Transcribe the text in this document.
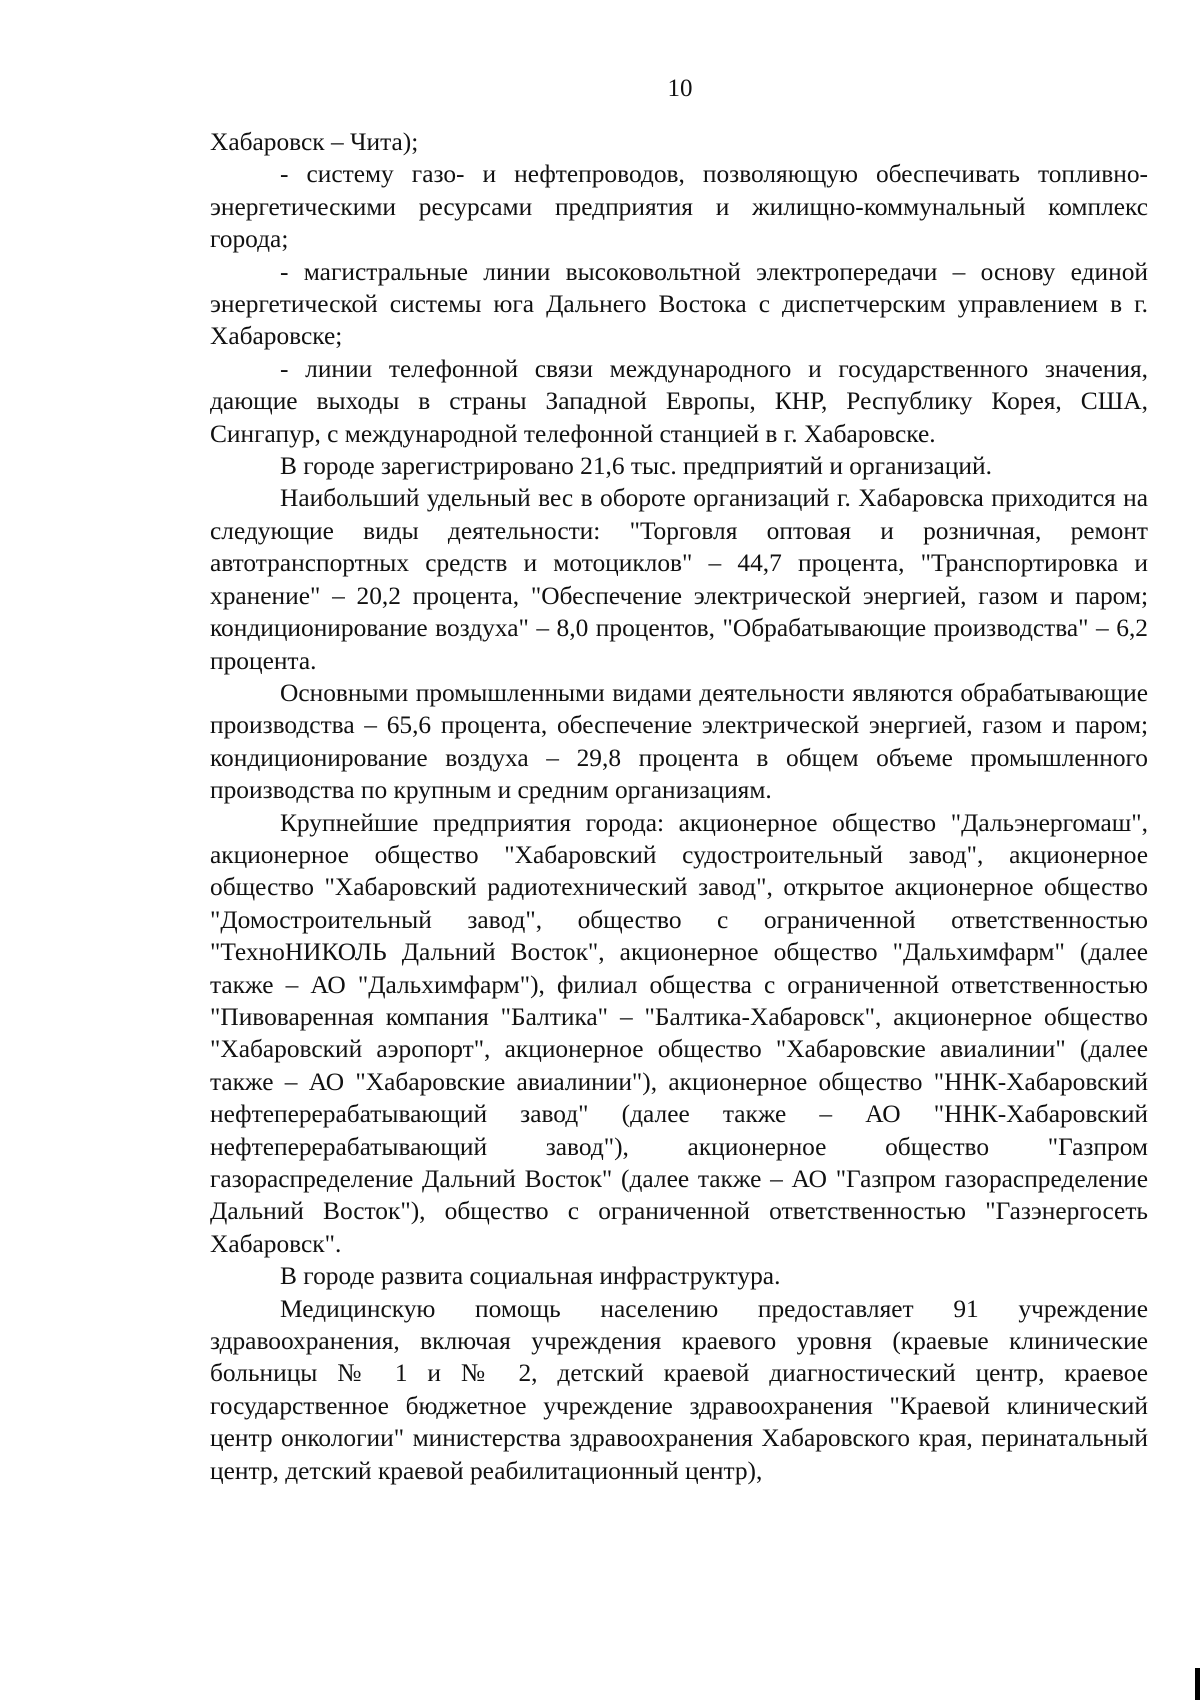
10

Хабаровск – Чита);

- систему газо- и нефтепроводов, позволяющую обеспечивать топливно-энергетическими ресурсами предприятия и жилищно-коммунальный комплекс города;

- магистральные линии высоковольтной электропередачи – основу единой энергетической системы юга Дальнего Востока с диспетчерским управлением в г. Хабаровске;

- линии телефонной связи международного и государственного значения, дающие выходы в страны Западной Европы, КНР, Республику Корея, США, Сингапур, с международной телефонной станцией в г. Хабаровске.

В городе зарегистрировано 21,6 тыс. предприятий и организаций.

Наибольший удельный вес в обороте организаций г. Хабаровска приходится на следующие виды деятельности: "Торговля оптовая и розничная, ремонт автотранспортных средств и мотоциклов" – 44,7 процента, "Транспортировка и хранение" – 20,2 процента, "Обеспечение электрической энергией, газом и паром; кондиционирование воздуха" – 8,0 процентов, "Обрабатывающие производства" – 6,2 процента.

Основными промышленными видами деятельности являются обрабатывающие производства – 65,6 процента, обеспечение электрической энергией, газом и паром; кондиционирование воздуха – 29,8 процента в общем объеме промышленного производства по крупным и средним организациям.

Крупнейшие предприятия города: акционерное общество "Дальэнергомаш", акционерное общество "Хабаровский судостроительный завод", акционерное общество "Хабаровский радиотехнический завод", открытое акционерное общество "Домостроительный завод", общество с ограниченной ответственностью "ТехноНИКОЛЬ Дальний Восток", акционерное общество "Дальхимфарм" (далее также – АО "Дальхимфарм"), филиал общества с ограниченной ответственностью "Пивоваренная компания "Балтика" – "Балтика-Хабаровск", акционерное общество "Хабаровский аэропорт", акционерное общество "Хабаровские авиалинии" (далее также – АО "Хабаровские авиалинии"), акционерное общество "ННК-Хабаровский нефтеперерабатывающий завод" (далее также – АО "ННК-Хабаровский нефтеперерабатывающий завод"), акционерное общество "Газпром газораспределение Дальний Восток" (далее также – АО "Газпром газораспределение Дальний Восток"), общество с ограниченной ответственностью "Газэнергосеть Хабаровск".

В городе развита социальная инфраструктура.

Медицинскую помощь населению предоставляет 91 учреждение здравоохранения, включая учреждения краевого уровня (краевые клинические больницы № 1 и № 2, детский краевой диагностический центр, краевое государственное бюджетное учреждение здравоохранения "Краевой клинический центр онкологии" министерства здравоохранения Хабаровского края, перинатальный центр, детский краевой реабилитационный центр),
